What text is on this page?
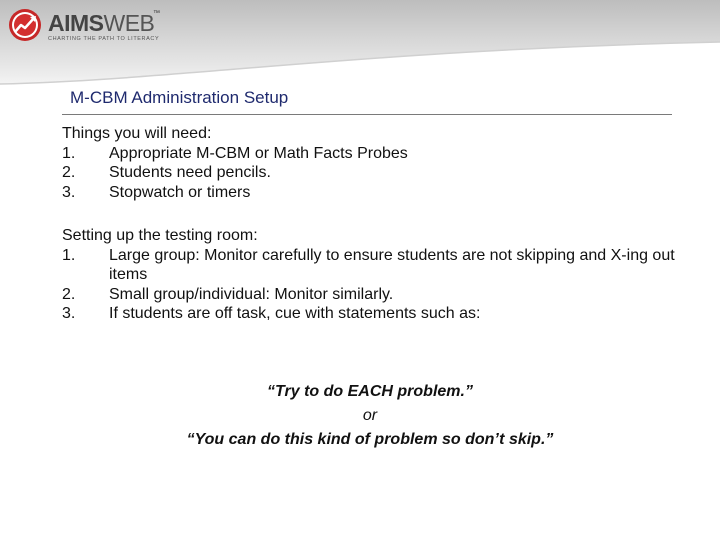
AIMSWEB
™
CHARTING THE PATH TO LITERACY
M-CBM Administration Setup
Things you will need:
1.	Appropriate M-CBM or Math Facts Probes
2.	Students need pencils.
3.	Stopwatch or timers
Setting up the testing room:
1.	Large group: Monitor carefully to ensure students are not skipping and X-ing out items
2.	Small group/individual: Monitor similarly.
3.	If students are off task, cue with statements such as:
“Try to do EACH problem.”
or
“You can do this kind of problem so don’t skip.”
